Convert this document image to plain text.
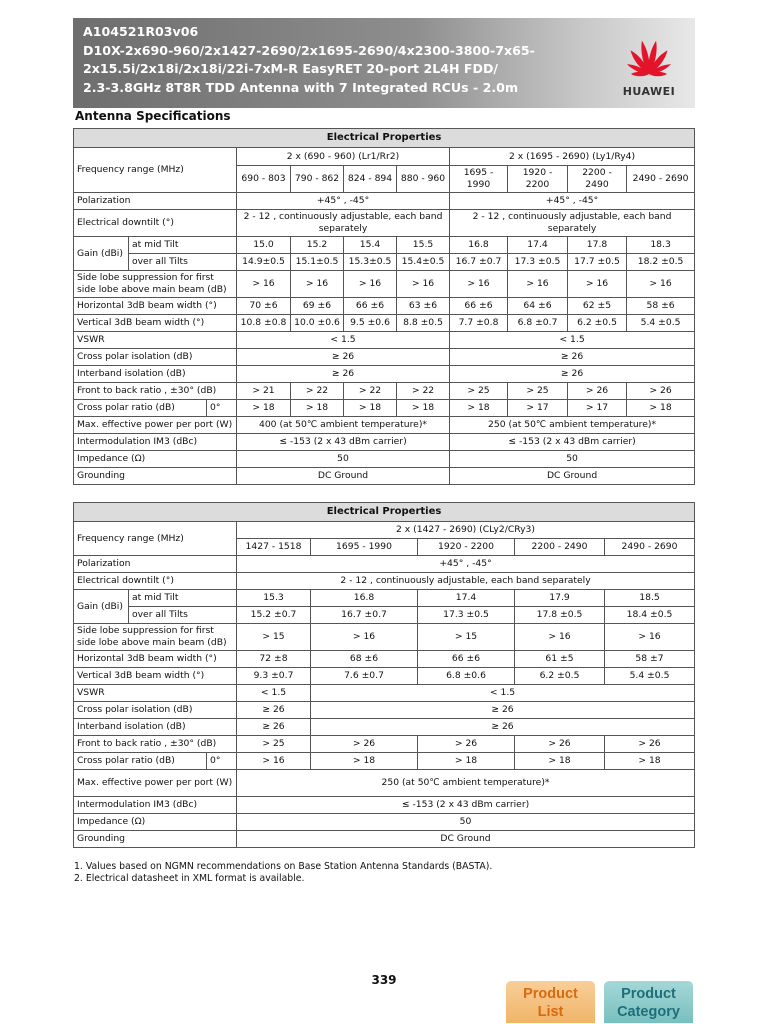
A104521R03v06
D10X-2x690-960/2x1427-2690/2x1695-2690/4x2300-3800-7x65-
2x15.5i/2x18i/2x18i/22i-7xM-R EasyRET 20-port 2L4H FDD/
2.3-3.8GHz 8T8R TDD Antenna with 7 Integrated RCUs - 2.0m	HUAWEI
Antenna Specifications
Electrical Properties										
Frequency range (MHz)			2 x (690 - 960) (Lr1/Rr2)				2 x (1695 - 2690) (Ly1/Ry4)			
			690 - 803	790 - 862	824 - 894	880 - 960	1695 - 1990	1920 - 2200	2200 - 2490	2490 - 2690
Polarization			+45° , -45°				+45° , -45°			
Electrical downtilt (°)			2 - 12 , continuously adjustable, each band separately				2 - 12 , continuously adjustable, each band separately			
Gain (dBi)	at mid Tilt		15.0	15.2	15.4	15.5	16.8	17.4	17.8	18.3
	over all Tilts		14.9±0.5	15.1±0.5	15.3±0.5	15.4±0.5	16.7 ±0.7	17.3 ±0.5	17.7 ±0.5	18.2 ±0.5
Side lobe suppression for first side lobe above main beam (dB)			> 16	> 16	> 16	> 16	> 16	> 16	> 16	> 16
Horizontal 3dB beam width (°)			70 ±6	69 ±6	66 ±6	63 ±6	66 ±6	64 ±6	62 ±5	58 ±6
Vertical 3dB beam width (°)			10.8 ±0.8	10.0 ±0.6	9.5 ±0.6	8.8 ±0.5	7.7 ±0.8	6.8 ±0.7	6.2 ±0.5	5.4 ±0.5
VSWR			< 1.5				< 1.5			
Cross polar isolation (dB)			≥ 26				≥ 26			
Interband isolation (dB)			≥ 26				≥ 26			
Front to back ratio , ±30° (dB)			> 21	> 22	> 22	> 22	> 25	> 25	> 26	> 26
Cross polar ratio (dB)		0°	> 18	> 18	> 18	> 18	> 18	> 17	> 17	> 18
Max. effective power per port (W)			400 (at 50℃ ambient temperature)*				250 (at 50℃ ambient temperature)*			
Intermodulation IM3 (dBc)			≤ -153 (2 x 43 dBm carrier)				≤ -153 (2 x 43 dBm carrier)			
Impedance (Ω)			50				50			
Grounding			DC Ground				DC Ground			
Electrical Properties							
Frequency range (MHz)			2 x (1427 - 2690) (CLy2/CRy3)				
			1427 - 1518	1695 - 1990	1920 - 2200	2200 - 2490	2490 - 2690
Polarization			+45° , -45°				
Electrical downtilt (°)			2 - 12 , continuously adjustable, each band separately				
Gain (dBi)	at mid Tilt		15.3	16.8	17.4	17.9	18.5
	over all Tilts		15.2 ±0.7	16.7 ±0.7	17.3 ±0.5	17.8 ±0.5	18.4 ±0.5
Side lobe suppression for first side lobe above main beam (dB)			> 15	> 16	> 15	> 16	> 16
Horizontal 3dB beam width (°)			72 ±8	68 ±6	66 ±6	61 ±5	58 ±7
Vertical 3dB beam width (°)			9.3 ±0.7	7.6 ±0.7	6.8 ±0.6	6.2 ±0.5	5.4 ±0.5
VSWR			< 1.5	< 1.5			
Cross polar isolation (dB)			≥ 26	≥ 26			
Interband isolation (dB)			≥ 26	≥ 26			
Front to back ratio , ±30° (dB)			> 25	> 26	> 26	> 26	> 26
Cross polar ratio (dB)		0°	> 16	> 18	> 18	> 18	> 18
Max. effective power per port (W)			250 (at 50℃ ambient temperature)*				
Intermodulation IM3 (dBc)			≤ -153 (2 x 43 dBm carrier)				
Impedance (Ω)			50				
Grounding			DC Ground				
1. Values based on NGMN recommendations on Base Station Antenna Standards (BASTA).
2. Electrical datasheet in XML format is available.
339
Product
List
Product
Category
